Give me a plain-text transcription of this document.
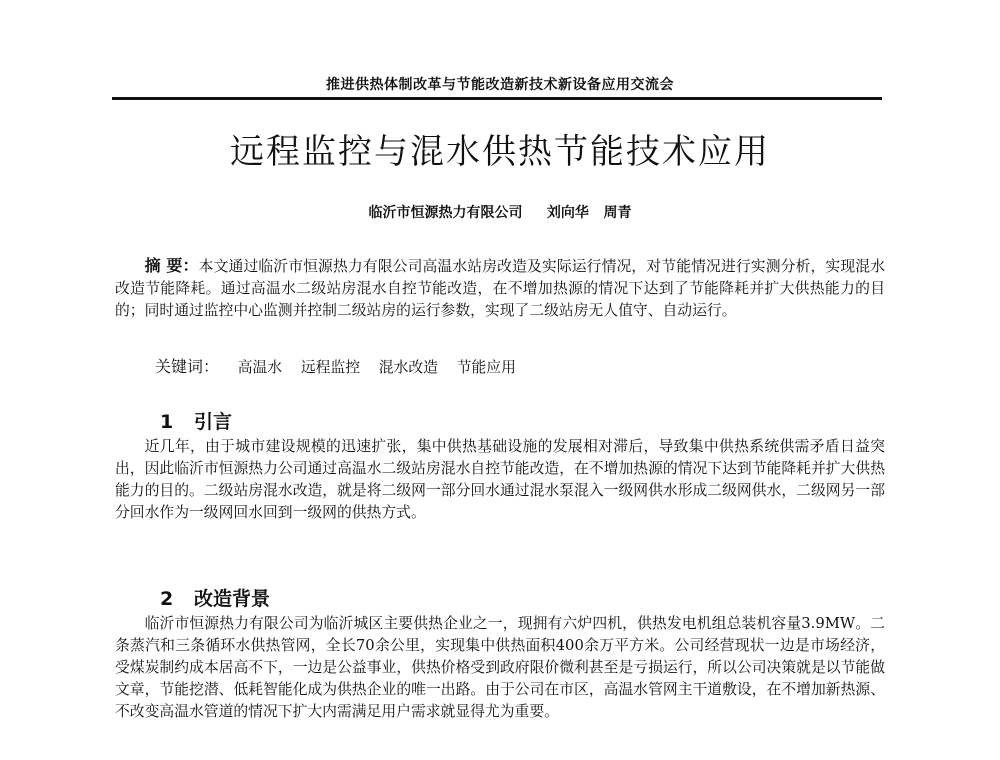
推进供热体制改革与节能改造新技术新设备应用交流会
远程监控与混水供热节能技术应用
临沂市恒源热力有限公司 刘向华   周青
摘 要：本文通过临沂市恒源热力有限公司高温水站房改造及实际运行情况，对节能情况进行实测分析，实现混水改造节能降耗。通过高温水二级站房混水自控节能改造，在不增加热源的情况下达到了节能降耗并扩大供热能力的目的；同时通过监控中心监测并控制二级站房的运行参数，实现了二级站房无人值守、自动运行。
关键词： 高温水 远程监控 混水改造 节能应用
1 引言
近几年，由于城市建设规模的迅速扩张，集中供热基础设施的发展相对滞后，导致集中供热系统供需矛盾日益突出，因此临沂市恒源热力公司通过高温水二级站房混水自控节能改造，在不增加热源的情况下达到节能降耗并扩大供热能力的目的。二级站房混水改造，就是将二级网一部分回水通过混水泵混入一级网供水形成二级网供水，二级网另一部分回水作为一级网回水回到一级网的供热方式。
2 改造背景
临沂市恒源热力有限公司为临沂城区主要供热企业之一，现拥有六炉四机，供热发电机组总装机容量3.9MW。二条蒸汽和三条循环水供热管网，全长70余公里，实现集中供热面积400余万平方米。公司经营现状一边是市场经济，受煤炭制约成本居高不下，一边是公益事业，供热价格受到政府限价微利甚至是亏损运行，所以公司决策就是以节能做文章，节能挖潜、低耗智能化成为供热企业的唯一出路。由于公司在市区，高温水管网主干道敷设，在不增加新热源、不改变高温水管道的情况下扩大内需满足用户需求就显得尤为重要。
